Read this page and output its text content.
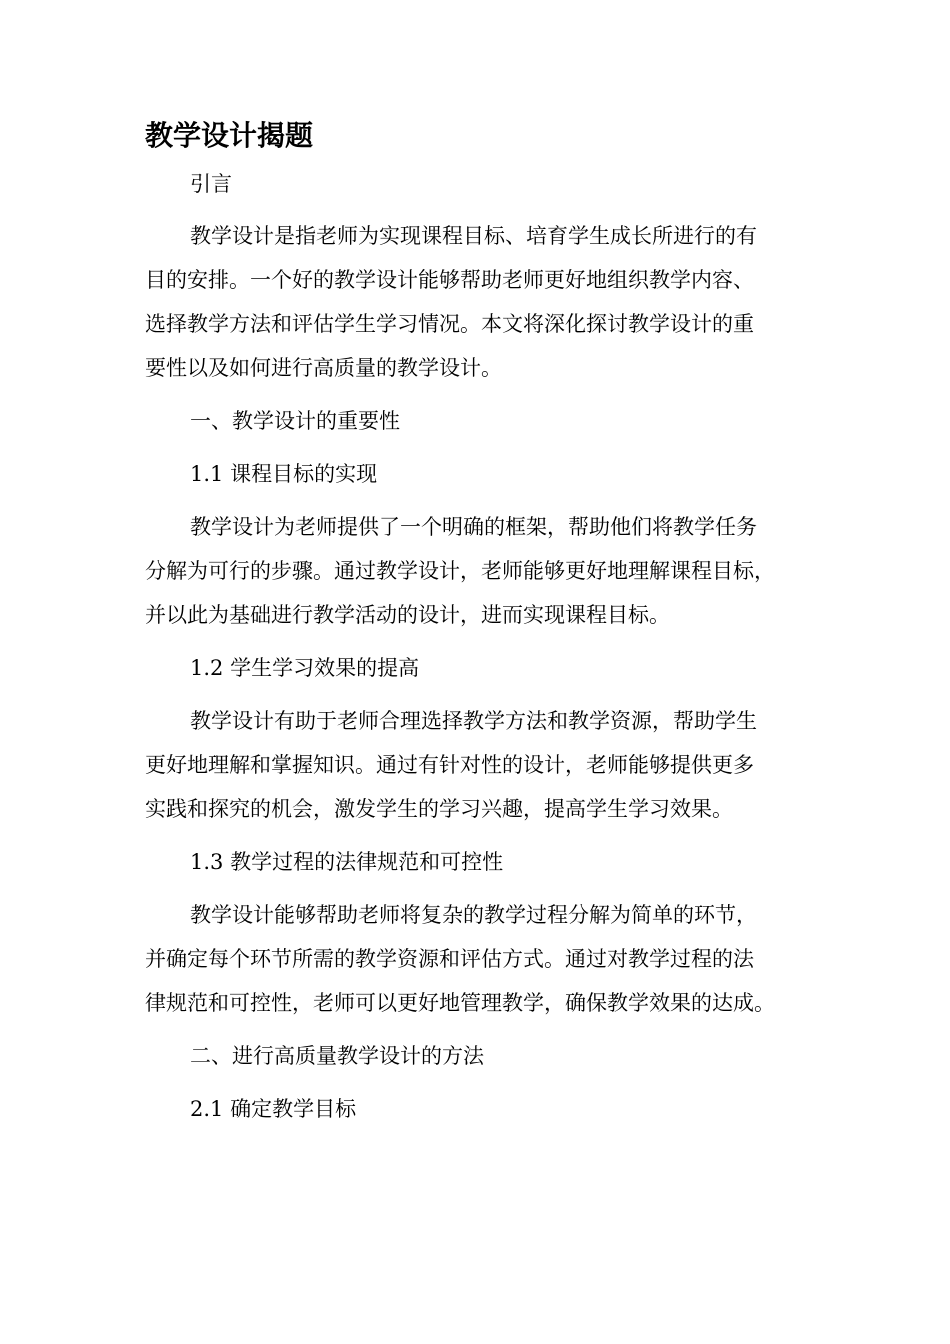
教学设计揭题

引言

教学设计是指老师为实现课程目标、培育学生成长所进行的有

目的安排。一个好的教学设计能够帮助老师更好地组织教学内容、

选择教学方法和评估学生学习情况。本文将深化探讨教学设计的重

要性以及如何进行高质量的教学设计。

一、教学设计的重要性

1.1 课程目标的实现

教学设计为老师提供了一个明确的框架，帮助他们将教学任务

分解为可行的步骤。通过教学设计，老师能够更好地理解课程目标，

并以此为基础进行教学活动的设计，进而实现课程目标。

1.2 学生学习效果的提高

教学设计有助于老师合理选择教学方法和教学资源，帮助学生

更好地理解和掌握知识。通过有针对性的设计，老师能够提供更多

实践和探究的机会，激发学生的学习兴趣，提高学生学习效果。

1.3 教学过程的法律规范和可控性

教学设计能够帮助老师将复杂的教学过程分解为简单的环节，

并确定每个环节所需的教学资源和评估方式。通过对教学过程的法

律规范和可控性，老师可以更好地管理教学，确保教学效果的达成。

二、进行高质量教学设计的方法

2.1 确定教学目标
